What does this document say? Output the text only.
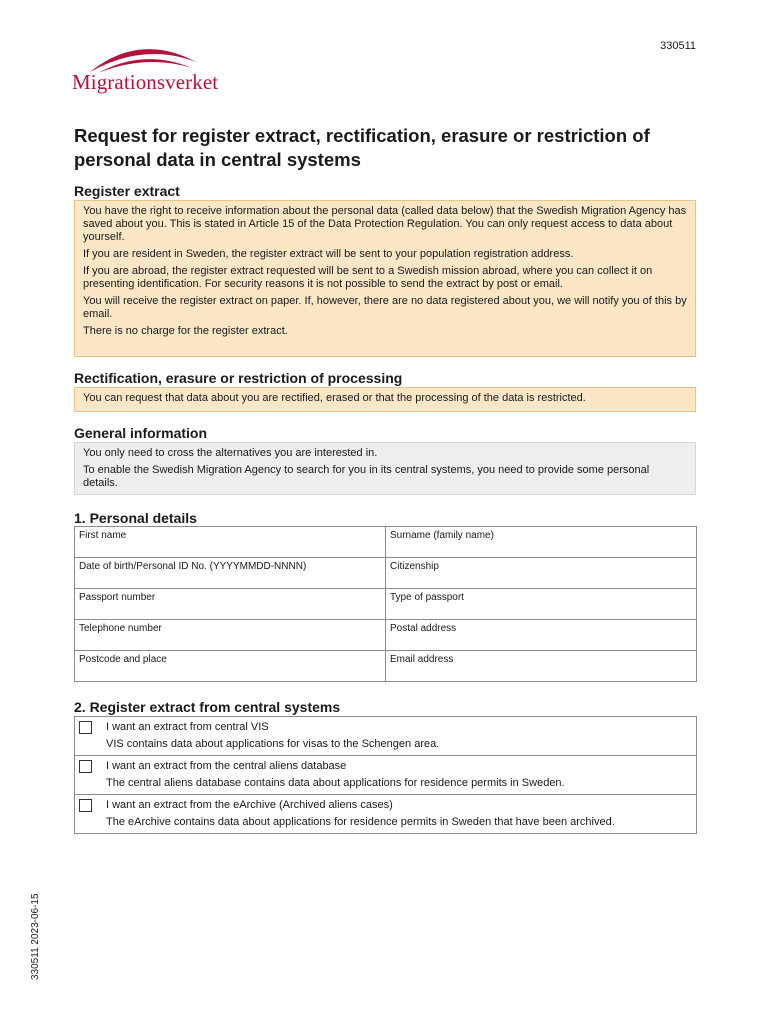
Migrationsverket
330511
Request for register extract, rectification, erasure or restriction of personal data in central systems
Register extract

You have the right to receive information about the personal data (called data below) that the Swedish Migration Agency has saved about you. This is stated in Article 15 of the Data Protection Regulation. You can only request access to data about yourself.

If you are resident in Sweden, the register extract will be sent to your population registration address.

If you are abroad, the register extract requested will be sent to a Swedish mission abroad, where you can collect it on presenting identification. For security reasons it is not possible to send the extract by post or email.

You will receive the register extract on paper. If, however, there are no data registered about you, we will notify you of this by email.

There is no charge for the register extract.

Rectification, erasure or restriction of processing

You can request that data about you are rectified, erased or that the processing of the data is restricted.

General information

You only need to cross the alternatives you are interested in.

To enable the Swedish Migration Agency to search for you in its central systems, you need to provide some personal details.

1. Personal details
First name	Surname (family name)
Date of birth/Personal ID No. (YYYYMMDD-NNNN)	Citizenship
Passport number	Type of passport
Telephone number	Postal address
Postcode and place	Email address
2. Register extract from central systems
I want an extract from central VIS
VIS contains data about applications for visas to the Schengen area.
I want an extract from the central aliens database
The central aliens database contains data about applications for residence permits in Sweden.
I want an extract from the eArchive (Archived aliens cases)
The eArchive contains data about applications for residence permits in Sweden that have been archived.
330511 2023-06-15
